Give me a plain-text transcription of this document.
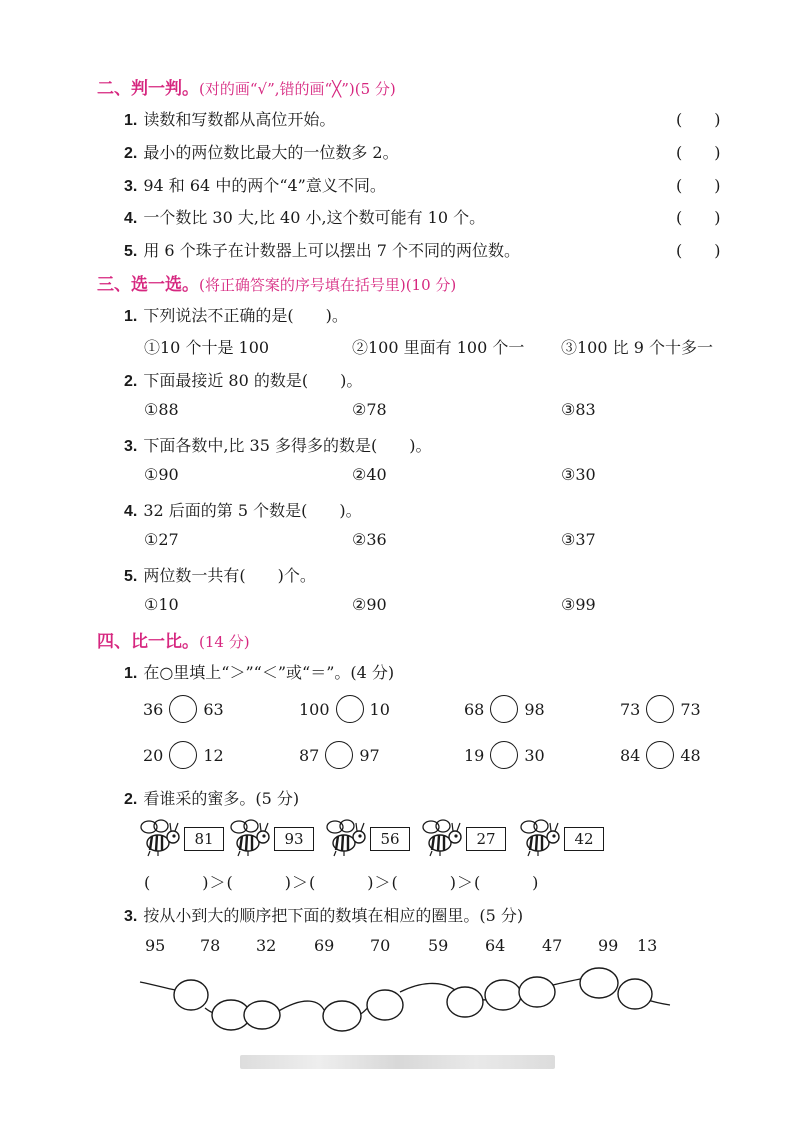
二、判一判。(对的画“√”,错的画“╳”)(5 分)
1. 读数和写数都从高位开始。	(　　)
2. 最小的两位数比最大的一位数多 2。	(　　)
3. 94 和 64 中的两个“4”意义不同。	(　　)
4. 一个数比 30 大,比 40 小,这个数可能有 10 个。	(　　)
5. 用 6 个珠子在计数器上可以摆出 7 个不同的两位数。	(　　)
三、选一选。(将正确答案的序号填在括号里)(10 分)
1. 下列说法不正确的是(　　)。
①10 个十是 100	②100 里面有 100 个一 ③100 比 9 个十多一
2. 下面最接近 80 的数是(　　)。
①88	②78	③83
3. 下面各数中,比 35 多得多的数是(　　)。
①90	②40	③30
4. 32 后面的第 5 个数是(　　)。
①27	②36	③37
5. 两位数一共有(　　)个。
①10	②90	③99
四、比一比。(14 分)
1. 在○里填上“＞”“＜”或“＝”。(4 分)
36	63	100	10	68	98	73	73
20	12	87	97	19	30	84	48
2. 看谁采的蜜多。(5 分)
81	93	56	27	42
(　　　)＞(　　　)＞(　　　)＞(　　　)＞(　　　)
3. 按从小到大的顺序把下面的数填在相应的圈里。(5 分)
95 78 32 69 70 59 64 47 99 13
